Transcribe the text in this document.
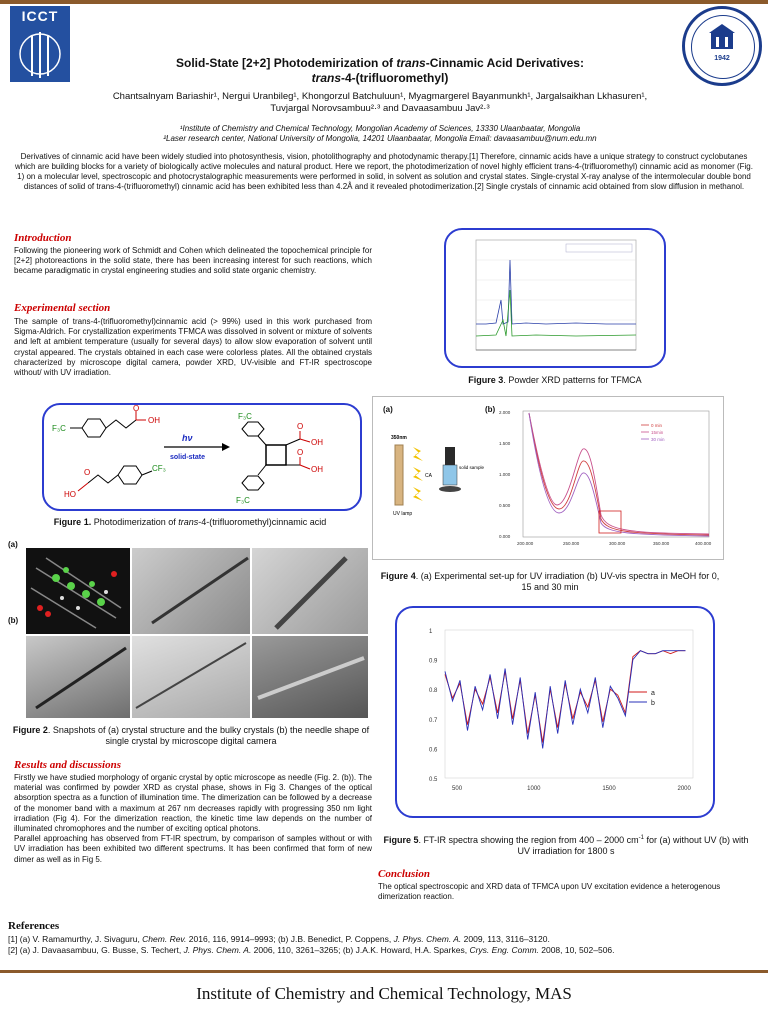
ICCT
1942
Solid-State [2+2] Photodemirization of trans-Cinnamic Acid Derivatives:
trans-4-(trifluoromethyl)
Chantsalnyam Bariashir¹, Nergui Uranbileg¹, Khongorzul Batchuluun¹, Myagmargerel Bayanmunkh¹, Jargalsaikhan Lkhasuren¹,
Tuvjargal Norovsambuu²·³ and Davaasambuu Jav²·³
¹Institute of Chemistry and Chemical Technology, Mongolian Academy of Sciences, 13330 Ulaanbaatar, Mongolia
²Laser research center, National University of Mongolia, 14201 Ulaanbaatar, Mongolia Email: davaasambuu@num.edu.mn
Derivatives of cinnamic acid have been widely studied into photosynthesis, vision, photolithography and photodynamic therapy.[1] Therefore, cinnamic acids have a unique strategy to construct cyclobutanes which are building blocks for a variety of biologically active molecules and natural product. Here we report, the photodimerization of novel highly efficient trans-4-(trifluoromethyl) cinnamic acid as monomer (Fig. 1) on a molecular level, spectroscopic and photocrystalographic measurements were performed in solid, in solvent as solution and crystal states. Single-crystal X-ray analyse of the intermolecular double bond distances of solid of trans-4-(trifluoromethyl) cinnamic acid has been exhibited less than 4.2Å and it revealed photodimerization.[2] Single crystals of cinnamic acid obtained from slow diffusion in methanol.
Introduction
Following the pioneering work of Schmidt and Cohen which delineated the topochemical principle for [2+2] photoreactions in the solid state, there has been increasing interest for such reactions, which became paradigmatic in crystal engineering studies and solid state organic chemistry.
Experimental section
The sample of trans-4-(trifluoromethyl)cinnamic acid (> 99%) used in this work purchased from Sigma-Aldrich. For crystallization experiments TFMCA was dissolved in solvent or mixture of solvents and left at ambient temperature (usually for several days) to allow slow evaporation of solvent until crystal appeared. The crystals obtained in each case were colorless plates. All the obtained crystals characterized by microscope digital camera, powder XRD, UV-visible and FT-IR spectroscope without/ with UV irradiation.
F₃C
OH
O
HO
O	CF₃
hν
solid-state
F₃C
O
OH
O
OH
F₃C
Figure 1. Photodimerization of trans-4-(trifluoromethyl)cinnamic acid
(a)
(b)
Figure 2. Snapshots of (a) crystal structure and the bulky crystals (b) the needle shape of single crystal by microscope digital camera
Results and discussions
Firstly we have studied morphology of organic crystal by optic microscope as needle (Fig. 2. (b)). The material was confirmed by powder XRD as crystal phase, shows in Fig 3. Changes of the optical absorption spectra as a function of illumination time. The dimerization can be followed by a decrease of the monomer band with a maximum at 267 nm decreases rapidly with progressing 350 nm light irradiation (Fig 4). For the dimerization reaction, the kinetic time law depends on the number of illuminated chromophores and the number of exciting optical photons.
Parallel approaching has observed from FT-IR spectrum, by comparison of samples without or with UV irradiation has been exhibited two different spectrums. It has been confirmed that form of new dimer as well as in Fig 5.
Figure 3. Powder XRD patterns for TFMCA
(a)	(b)
350nm
UV lamp
CA
solid sample
2.000
1.500
1.000
0.500
0.000
200.000	250.000	300.000	350.000	400.000
0 min
15min
30 min
Figure 4. (a) Experimental set-up for UV irradiation (b) UV-vis spectra in MeOH for 0, 15 and 30 min
1
0.9
0.8
0.7
0.6
0.5
500	1000	1500	2000
a
b
Figure 5. FT-IR spectra showing the region from 400 – 2000 $cm^{-1}$ for (a) without UV (b) with UV irradiation for 1800 s
Conclusion
The optical spectroscopic and XRD data of TFMCA upon UV excitation evidence a heterogenous dimerization reaction.
References
[1] (a) V. Ramamurthy, J. Sivaguru, Chem. Rev. 2016, 116, 9914–9993; (b) J.B. Benedict, P. Coppens, J. Phys. Chem. A. 2009, 113, 3116–3120.
[2] (a) J. Davaasambuu, G. Busse, S. Techert, J. Phys. Chem. A. 2006, 110, 3261–3265; (b) J.A.K. Howard, H.A. Sparkes, Crys. Eng. Comm. 2008, 10, 502–506.
Institute of Chemistry and Chemical Technology, MAS
